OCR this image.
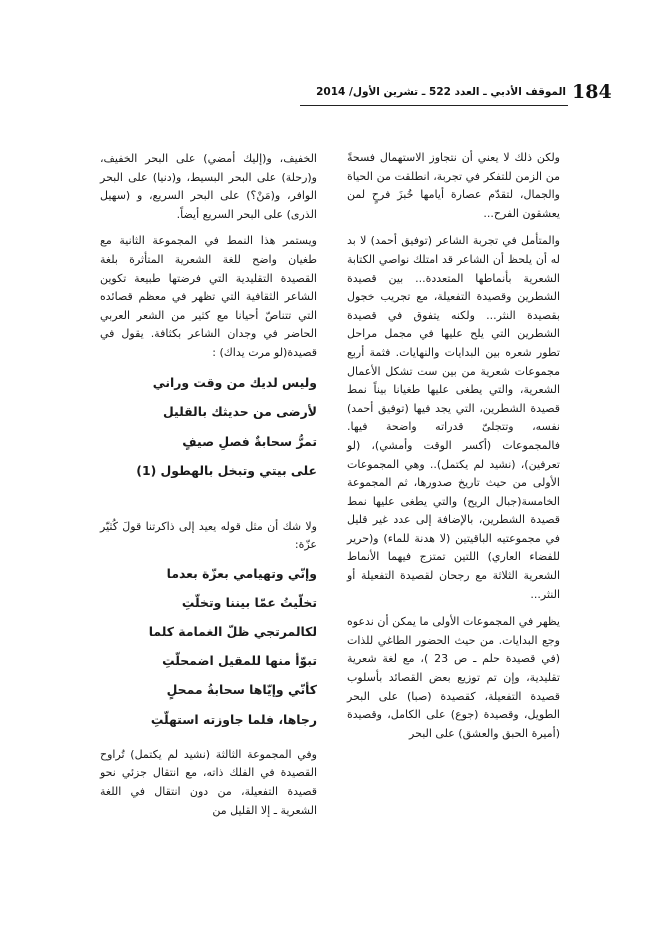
184
الموقف الأدبي ـ العدد 522 ـ تشرين الأول/ 2014

ولكن ذلك لا يعني أن نتجاوز الاستهمال فسحةً من الزمن للتفكر في تجربة، انطلقت من الحياة والجمال، لتقدّم عصارة أيامها خُبزَ فرحٍ لمن يعشقون الفرح...

والمتأمل في تجربة الشاعر (توفيق أحمد) لا بد له أن يلحظ أن الشاعر قد امتلك نواصي الكتابة الشعرية بأنماطها المتعددة... بين قصيدة الشطرين وقصيدة التفعيلة، مع تجريب خجول بقصيدة النثر... ولكنه يتفوق في قصيدة الشطرين التي يلح عليها في مجمل مراحل تطور شعره بين البدايات والنهايات. فثمة أربع مجموعات شعرية من بين ست تشكل الأعمال الشعرية، والتي يطغى عليها طغيانا بيناً نمط قصيدة الشطرين، التي يجد فيها (توفيق أحمد) نفسه، وتتجلىّ قدراته واضحة فيها. فالمجموعات (أكسر الوقت وأمشي)، (لو تعرفين)، (نشيد لم يكتمل).. وهي المجموعات الأولى من حيث تاريخ صدورها، ثم المجموعة الخامسة(جبال الريح) والتي يطغى عليها نمط قصيدة الشطرين، بالإضافة إلى عدد غير قليل في مجموعتيه الباقيتين (لا هدنة للماء) و(حرير للفضاء العاري) اللتين تمتزج فيهما الأنماط الشعرية الثلاثة مع رجحان لقصيدة التفعيلة أو النثر...

يظهر في المجموعات الأولى ما يمكن أن ندعوه وجع البدايات. من حيث الحضور الطاغي للذات (في قصيدة حلم ـ ص 23 )، مع لغة شعرية تقليدية، وإن تم توزيع بعض القصائد بأسلوب قصيدة التفعيلة، كقصيدة (صبا) على البحر الطويل، وقصيدة (جوع) على الكامل، وقصيدة (أميرة الحبق والعشق) على البحر

الخفيف، و(إليك أمضي) على البحر الخفيف، و(رحلة) على البحر البسيط، و(دنيا) على البحر الوافر، و(مَنْ؟) على البحر السريع، و (سهيل الذرى) على البحر السريع أيضاً.

ويستمر هذا النمط في المجموعة الثانية مع طغيان واضح للغة الشعرية المتأثرة بلغة القصيدة التقليدية التي فرضتها طبيعة تكوين الشاعر الثقافية التي تظهر في معظم قصائده التي تتناصّ أحيانا مع كثير من الشعر العربي الحاضر في وجدان الشاعر بكثافة. يقول في قصيدة(لو مرت يداك) :

وليس لديك من وقت وراني

لأرضى من حديثك بالقليل

تمرُّ سحابةٌ فصلِ صيفٍ

على بيتي وتبخل بالهطول (1)

ولا شك أن مثل قوله يعيد إلى ذاكرتنا قولَ كُثيّر عزّة:

وإنّي وتهيامي بعزّة بعدما

تخلّيتُ عمّا بيننا وتخلّتِ

لكالمرتجي ظلّ الغمامة كلما

تبوّأ منها للمقيل اضمحلّتِ

كأنّي وإيّاها سحابةُ ممحلٍ

رجاها، فلما جاوزته استهلّتِ

وفي المجموعة الثالثة (نشيد لم يكتمل) تُراوح القصيدة في الفلك ذاته، مع انتقال جزئي نحو قصيدة التفعيلة، من دون انتقال في اللغة الشعرية ـ إلا القليل من
